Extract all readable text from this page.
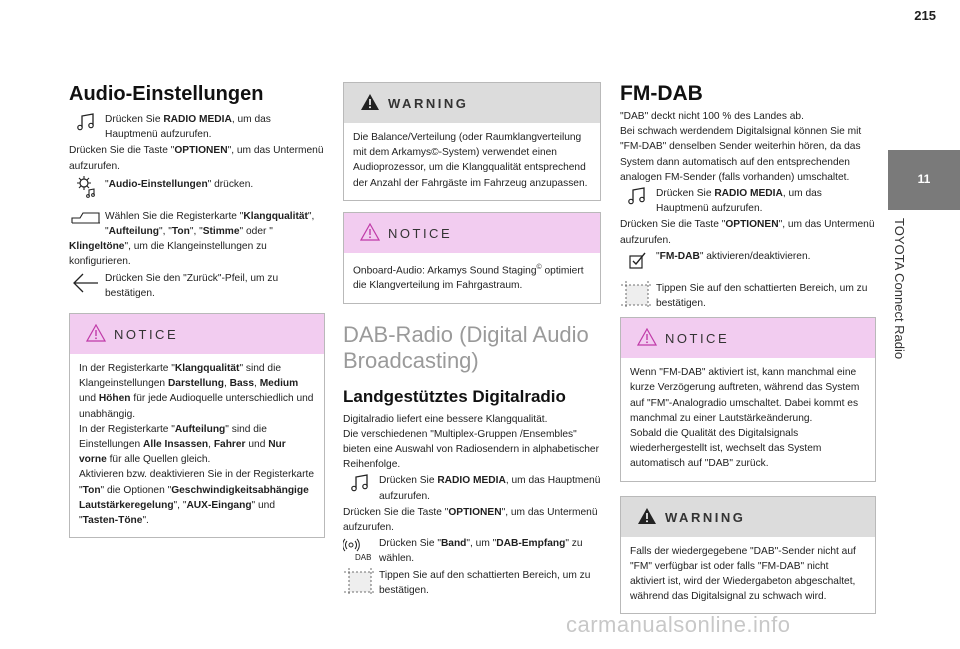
215
11
TOYOTA Connect Radio
Audio-Einstellungen
Drücken Sie RADIO MEDIA, um das Hauptmenü aufzurufen.

Drücken Sie die Taste "OPTIONEN", um das Untermenü aufzurufen.

"Audio-Einstellungen" drücken.
Wählen Sie die Registerkarte "Klangqualität", "Aufteilung", "Ton", "Stimme" oder "

Klingeltöne", um die Klangeinstellungen zu konfigurieren.

Drücken Sie den "Zurück"-Pfeil, um zu bestätigen.
NOTICE

In der Registerkarte "Klangqualität" sind die Klangeinstellungen Darstellung, Bass, Medium und Höhen für jede Audioquelle unterschiedlich und unabhängig.

In der Registerkarte "Aufteilung" sind die Einstellungen Alle Insassen, Fahrer und Nur vorne für alle Quellen gleich.

Aktivieren bzw. deaktivieren Sie in der Registerkarte "Ton" die Optionen "Geschwindigkeitsabhängige Lautstärkeregelung", "AUX-Eingang" und "Tasten-Töne".

WARNING
Die Balance/Verteilung (oder Raumklangverteilung mit dem Arkamys©-System) verwendet einen Audioprozessor, um die Klangqualität entsprechend der Anzahl der Fahrgäste im Fahrzeug anzupassen.
NOTICE
Onboard-Audio: Arkamys Sound Staging© optimiert die Klangverteilung im Fahrgastraum.
DAB-Radio (Digital Audio Broadcasting)
Landgestütztes Digitalradio

Digitalradio liefert eine bessere Klangqualität.

Die verschiedenen "Multiplex-Gruppen /Ensembles" bieten eine Auswahl von Radiosendern in alphabetischer Reihenfolge.

Drücken Sie RADIO MEDIA, um das Hauptmenü aufzurufen.

Drücken Sie die Taste "OPTIONEN", um das Untermenü aufzurufen.

DAB
Drücken Sie "Band", um "DAB-Empfang" zu wählen.
Tippen Sie auf den schattierten Bereich, um zu bestätigen.
FM-DAB

"DAB" deckt nicht 100 % des Landes ab.

Bei schwach werdendem Digitalsignal können Sie mit "FM-DAB" denselben Sender weiterhin hören, da das System dann automatisch auf den entsprechenden analogen FM-Sender (falls vorhanden) umschaltet.

Drücken Sie RADIO MEDIA, um das Hauptmenü aufzurufen.

Drücken Sie die Taste "OPTIONEN", um das Untermenü aufzurufen.

"FM-DAB" aktivieren/deaktivieren.
Tippen Sie auf den schattierten Bereich, um zu bestätigen.
NOTICE

Wenn "FM-DAB" aktiviert ist, kann manchmal eine kurze Verzögerung auftreten, während das System auf "FM"-Analogradio umschaltet. Dabei kommt es manchmal zu einer Lautstärkeänderung.

Sobald die Qualität des Digitalsignals wiederhergestellt ist, wechselt das System automatisch auf "DAB" zurück.

WARNING
Falls der wiedergegebene "DAB"-Sender nicht auf "FM" verfügbar ist oder falls "FM-DAB" nicht aktiviert ist, wird der Wiedergabeton abgeschaltet, während das Digitalsignal zu schwach wird.
carmanualsonline.info
